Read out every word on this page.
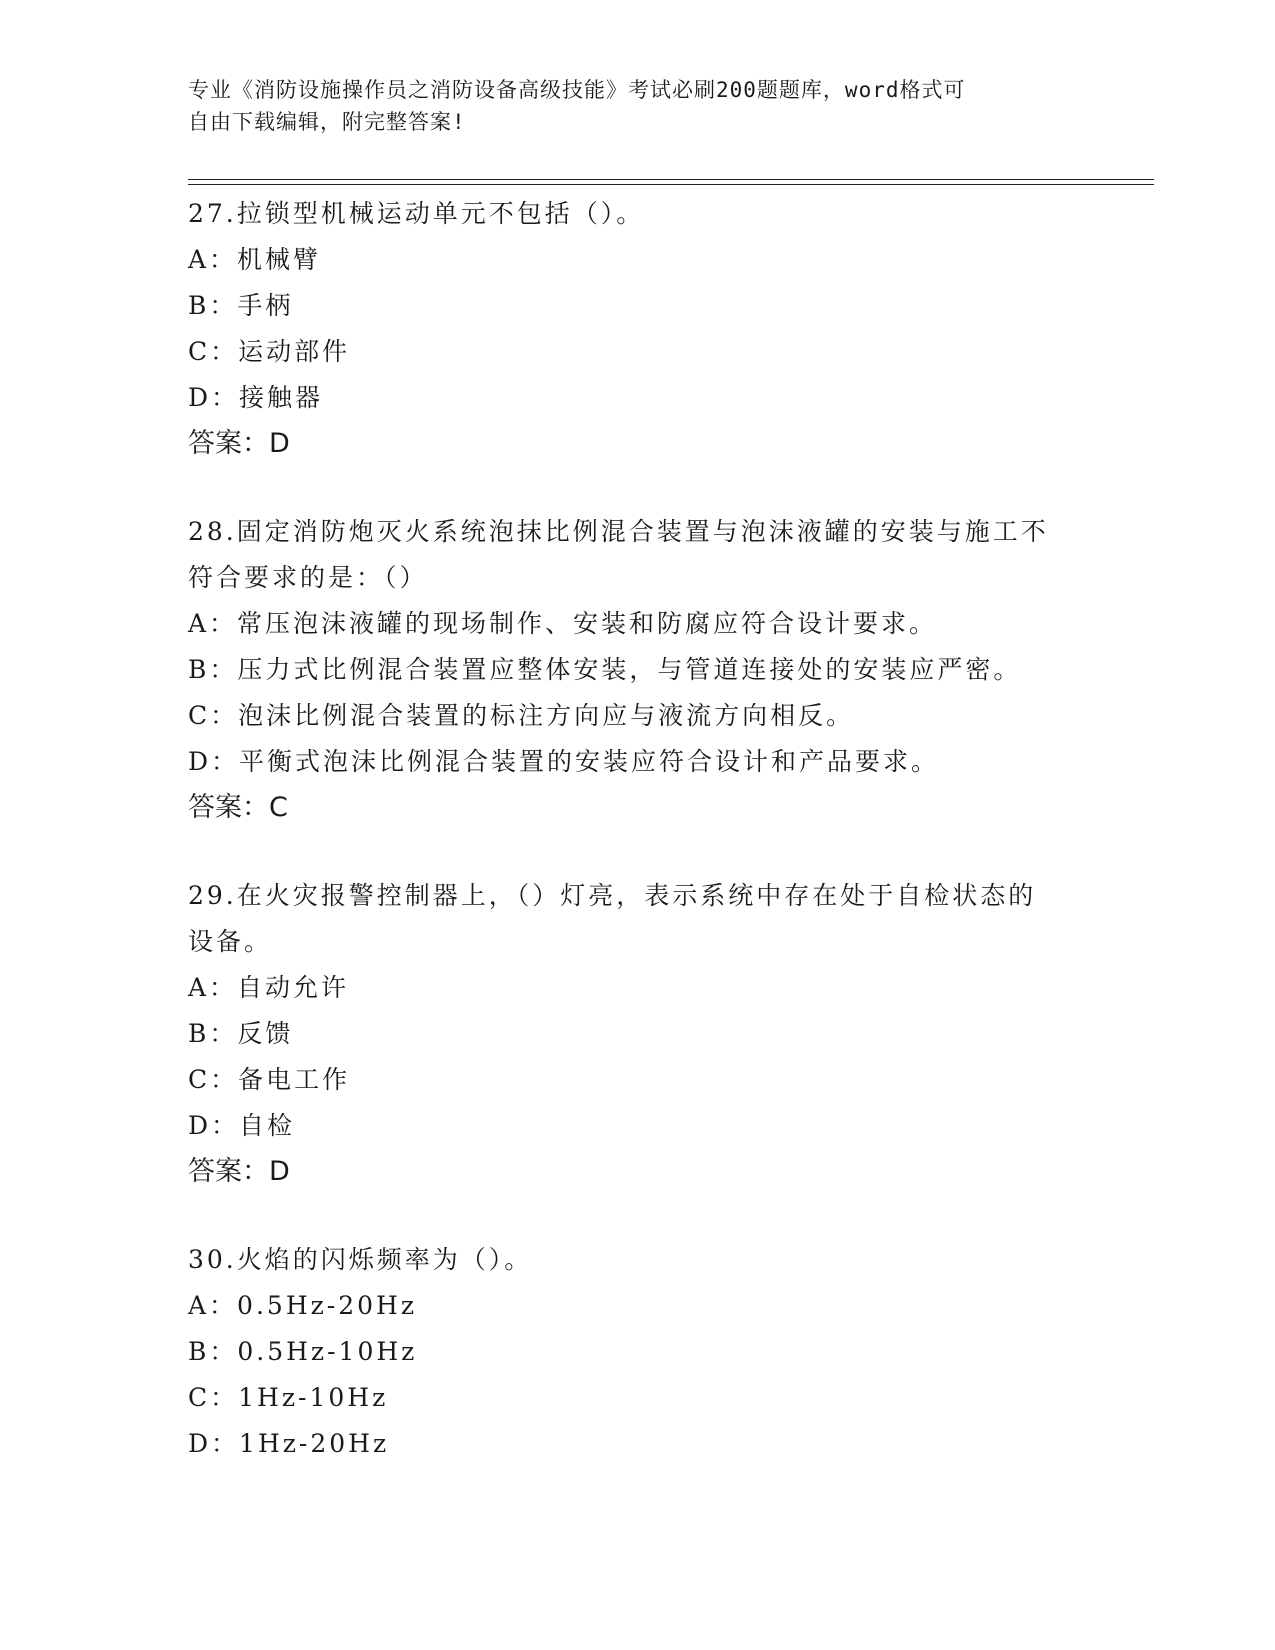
专业《消防设施操作员之消防设备高级技能》考试必刷200题题库，word格式可
自由下载编辑，附完整答案!
27.拉锁型机械运动单元不包括（）。
A：机械臂
B：手柄
C：运动部件
D：接触器
答案：D
28.固定消防炮灭火系统泡抹比例混合装置与泡沫液罐的安装与施工不
符合要求的是：（）
A：常压泡沫液罐的现场制作、安装和防腐应符合设计要求。
B：压力式比例混合装置应整体安装，与管道连接处的安装应严密。
C：泡沫比例混合装置的标注方向应与液流方向相反。
D：平衡式泡沫比例混合装置的安装应符合设计和产品要求。
答案：C
29.在火灾报警控制器上，（）灯亮，表示系统中存在处于自检状态的
设备。
A：自动允许
B：反馈
C：备电工作
D：自检
答案：D
30.火焰的闪烁频率为（）。
A：0.5Hz-20Hz
B：0.5Hz-10Hz
C：1Hz-10Hz
D：1Hz-20Hz
